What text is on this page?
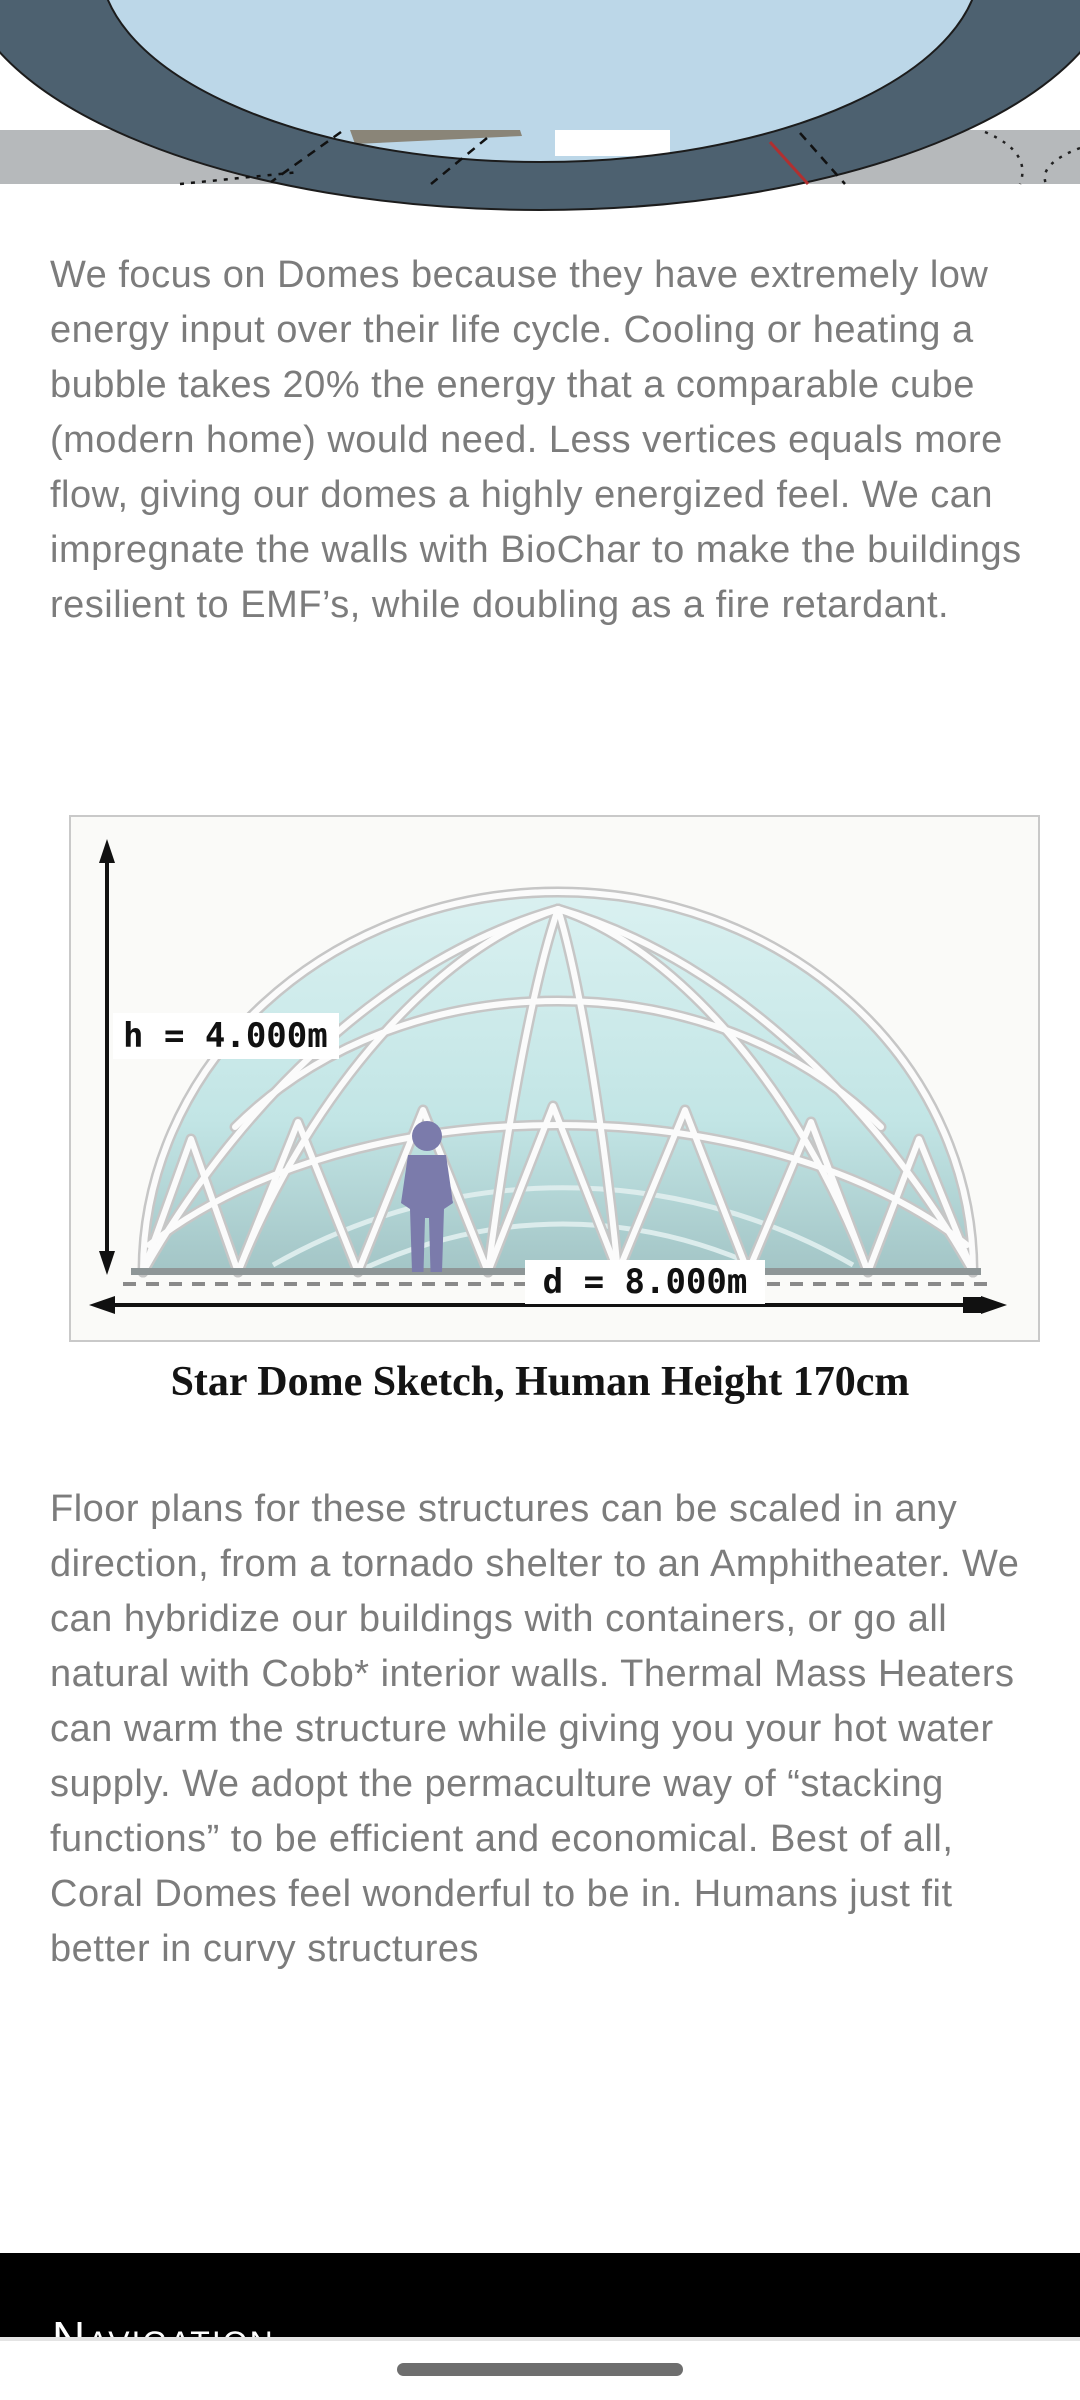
We focus on Domes because they have extremely low energy input over their life cycle. Cooling or heating a bubble takes 20% the energy that a comparable cube (modern home) would need. Less vertices equals more flow, giving our domes a highly energized feel. We can impregnate the walls with BioChar to make the buildings resilient to EMF’s, while doubling as a fire retardant.

h = 4.000m
d = 8.000m
Star Dome Sketch, Human Height 170cm

Floor plans for these structures can be scaled in any direction, from a tornado shelter to an Amphitheater. We can hybridize our buildings with containers, or go all natural with Cobb* interior walls. Thermal Mass Heaters can warm the structure while giving you your hot water supply. We adopt the permaculture way of “stacking functions” to be efficient and economical. Best of all, Coral Domes feel wonderful to be in. Humans just fit better in curvy structures
